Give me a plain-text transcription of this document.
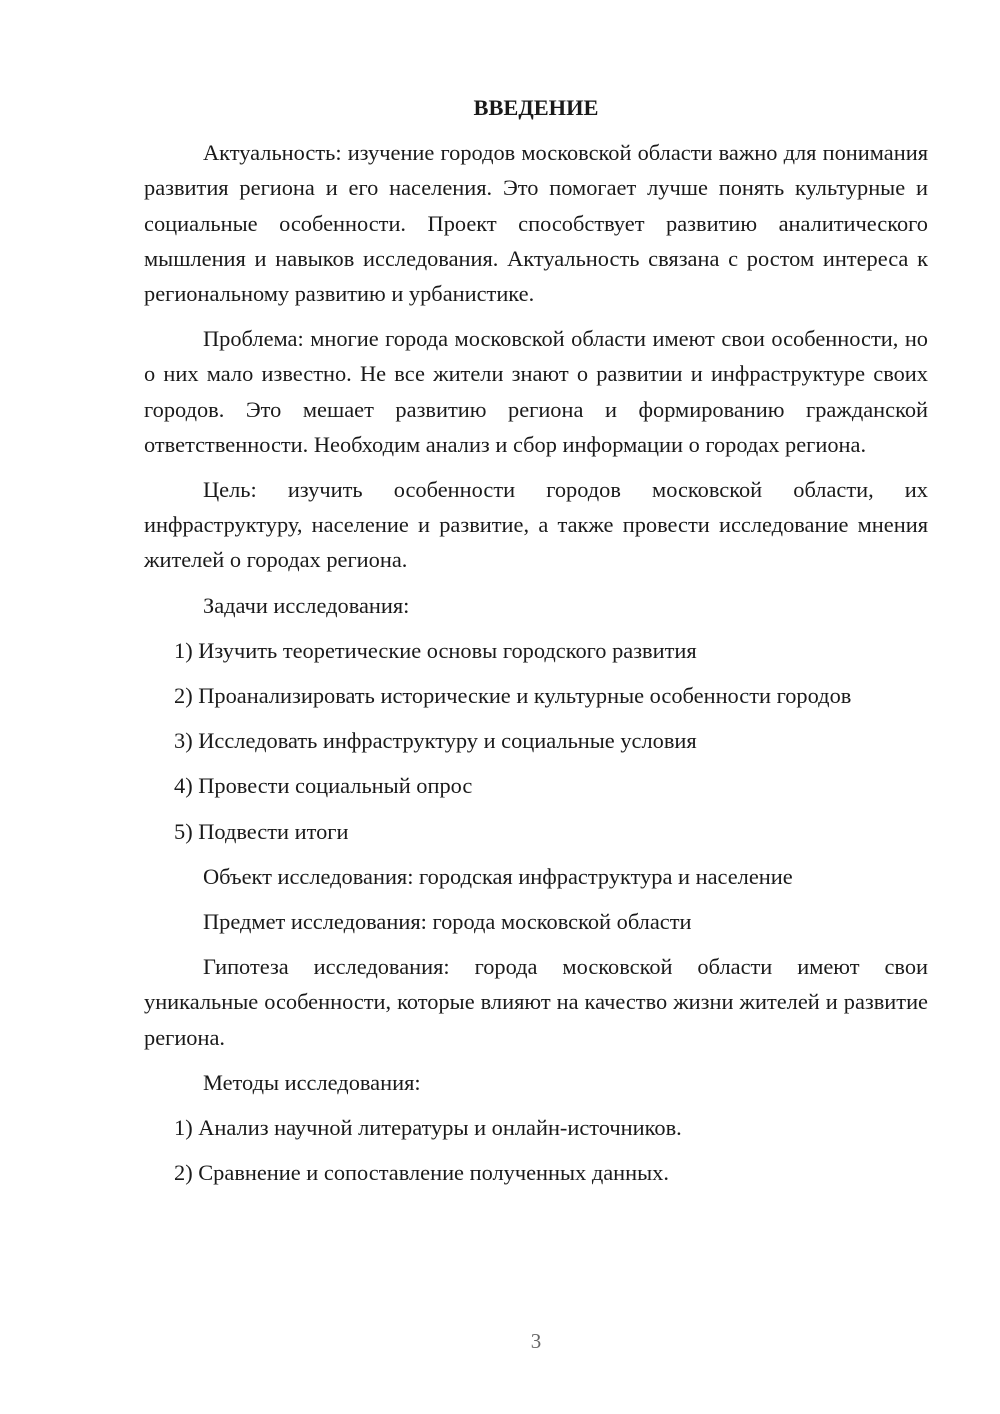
ВВЕДЕНИЕ

Актуальность: изучение городов московской области важно для понимания развития региона и его населения. Это помогает лучше понять культурные и социальные особенности. Проект способствует развитию аналитического мышления и навыков исследования. Актуальность связана с ростом интереса к региональному развитию и урбанистике.

Проблема: многие города московской области имеют свои особенности, но о них мало известно. Не все жители знают о развитии и инфраструктуре своих городов. Это мешает развитию региона и формированию гражданской ответственности. Необходим анализ и сбор информации о городах региона.

Цель: изучить особенности городов московской области, их инфраструктуру, население и развитие, а также провести исследование мнения жителей о городах региона.

Задачи исследования:

1) Изучить теоретические основы городского развития

2) Проанализировать исторические и культурные особенности городов

3) Исследовать инфраструктуру и социальные условия

4) Провести социальный опрос

5) Подвести итоги

Объект исследования: городская инфраструктура и население

Предмет исследования: города московской области

Гипотеза исследования: города московской области имеют свои уникальные особенности, которые влияют на качество жизни жителей и развитие региона.

Методы исследования:

1) Анализ научной литературы и онлайн-источников.

2) Сравнение и сопоставление полученных данных.

3
